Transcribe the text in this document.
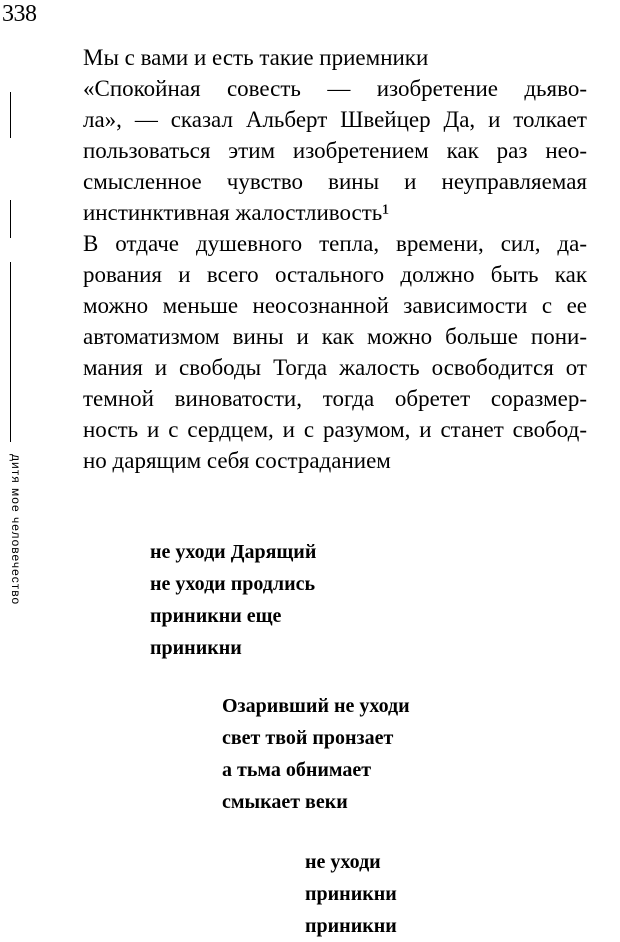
338
дитя мое человечество
Мы с вами и есть такие приемники
«Спокойная совесть — изобретение дьяво-
ла», — сказал Альберт Швейцер Да, и толкает
пользоваться этим изобретением как раз нео-
смысленное чувство вины и неуправляемая
инстинктивная жалостливость¹
В отдаче душевного тепла, времени, сил, да-
рования и всего остального должно быть как
можно меньше неосознанной зависимости с ее
автоматизмом вины и как можно больше пони-
мания и свободы Тогда жалость освободится от
темной виноватости, тогда обретет соразмер-
ность и с сердцем, и с разумом, и станет свобод-
но дарящим себя состраданием
не уходи Дарящий
не уходи продлись
приникни еще
приникни
Озаривший не уходи
свет твой пронзает
а тьма обнимает
смыкает веки
не уходи
приникни
приникни
